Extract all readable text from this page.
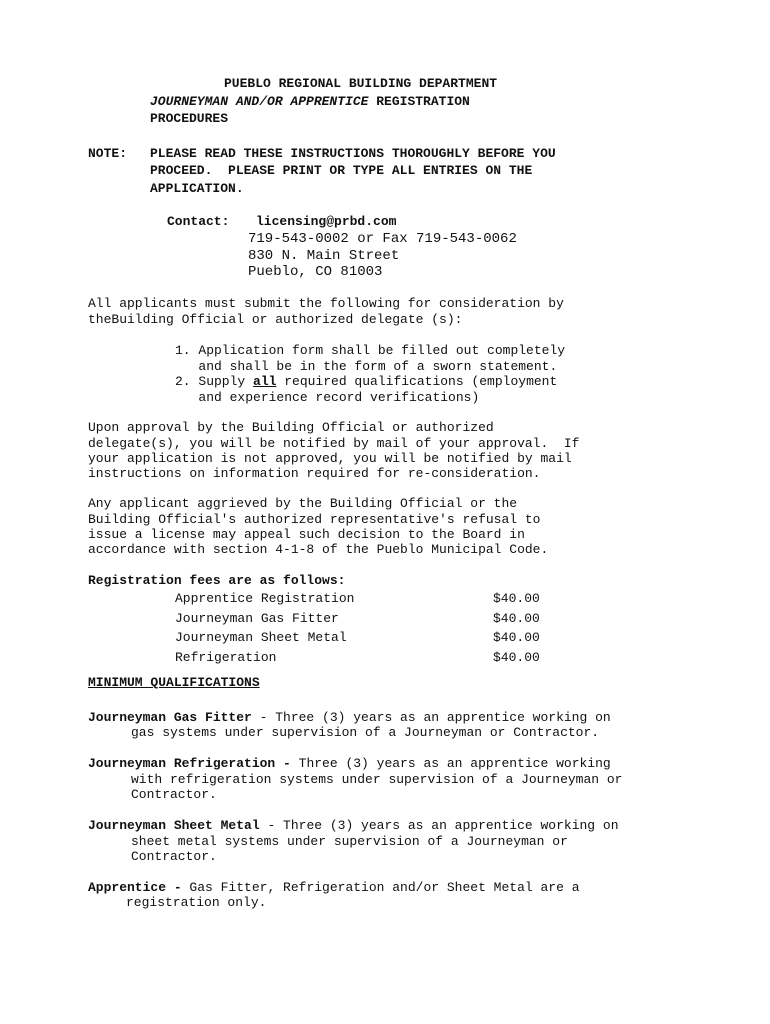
PUEBLO REGIONAL BUILDING DEPARTMENT
JOURNEYMAN AND/OR APPRENTICE REGISTRATION
PROCEDURES
NOTE: PLEASE READ THESE INSTRUCTIONS THOROUGHLY BEFORE YOU
PROCEED.  PLEASE PRINT OR TYPE ALL ENTRIES ON THE
APPLICATION.
Contact: licensing@prbd.com
719-543-0002 or Fax 719-543-0062
830 N. Main Street
Pueblo, CO 81003
All applicants must submit the following for consideration by
theBuilding Official or authorized delegate (s):
1. Application form shall be filled out completely
and shall be in the form of a sworn statement.
2. Supply all required qualifications (employment
and experience record verifications)
Upon approval by the Building Official or authorized
delegate(s), you will be notified by mail of your approval.  If
your application is not approved, you will be notified by mail
instructions on information required for re-consideration.
Any applicant aggrieved by the Building Official or the
Building Official's authorized representative's refusal to
issue a license may appeal such decision to the Board in
accordance with section 4-1-8 of the Pueblo Municipal Code.
Registration fees are as follows:
Apprentice Registration	$40.00
Journeyman Gas Fitter	$40.00
Journeyman Sheet Metal	$40.00
Refrigeration	$40.00
MINIMUM QUALIFICATIONS
Journeyman Gas Fitter - Three (3) years as an apprentice working on
gas systems under supervision of a Journeyman or Contractor.
Journeyman Refrigeration - Three (3) years as an apprentice working
with refrigeration systems under supervision of a Journeyman or
Contractor.
Journeyman Sheet Metal - Three (3) years as an apprentice working on
sheet metal systems under supervision of a Journeyman or
Contractor.
Apprentice - Gas Fitter, Refrigeration and/or Sheet Metal are a
registration only.
